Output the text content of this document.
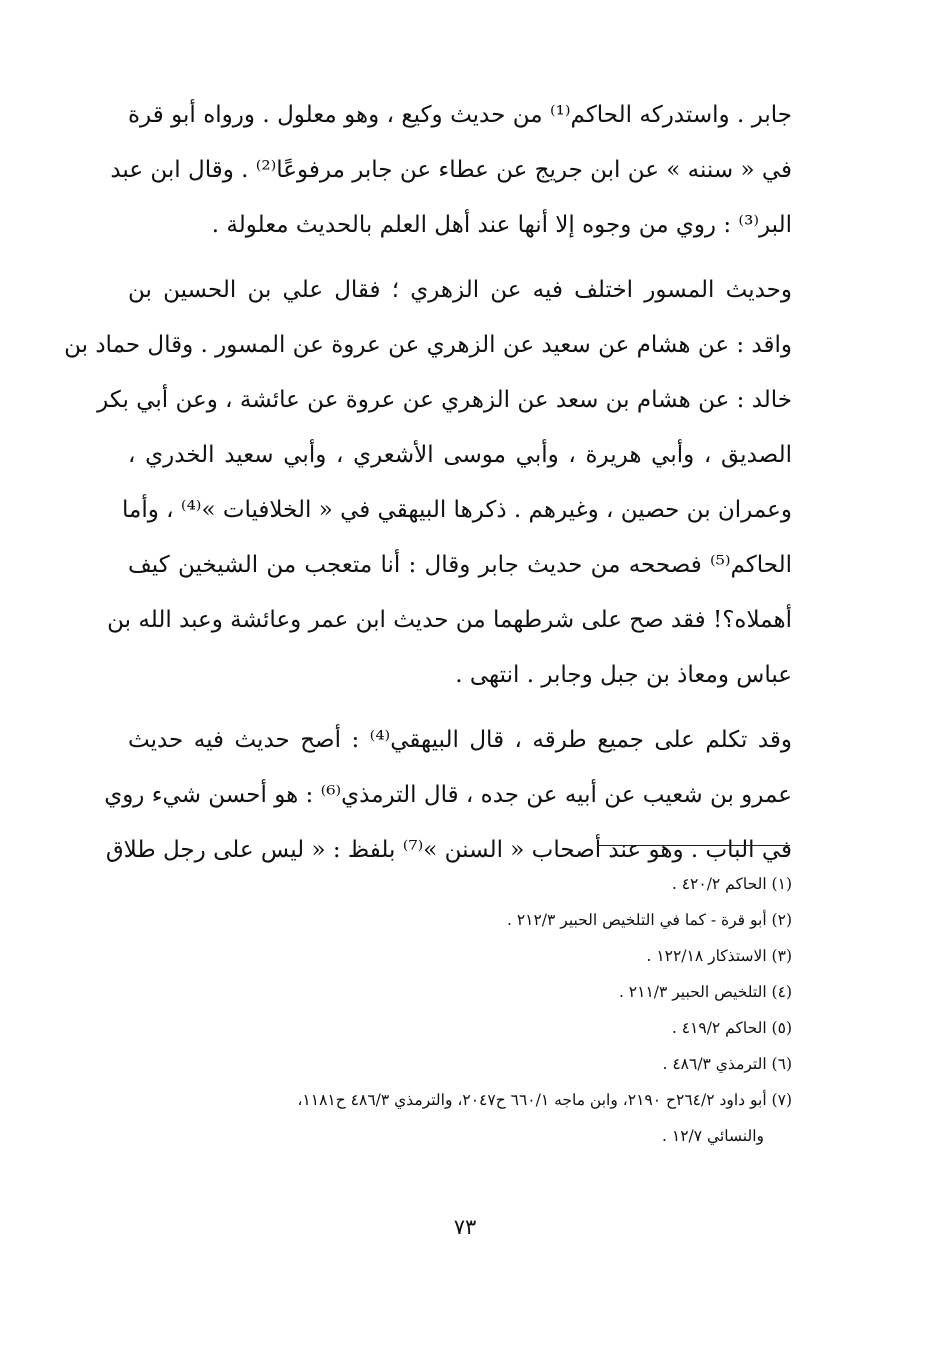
جابر . واستدركه الحاكم⁽¹⁾ من حديث وكيع ، وهو معلول . ورواه أبو قرة
في « سننه » عن ابن جريج عن عطاء عن جابر مرفوعًا⁽²⁾ . وقال ابن عبد
البر⁽³⁾ : روي من وجوه إلا أنها عند أهل العلم بالحديث معلولة .
وحديث المسور اختلف فيه عن الزهري ؛ فقال علي بن الحسين بن
واقد : عن هشام عن سعيد عن الزهري عن عروة عن المسور . وقال حماد بن
خالد : عن هشام بن سعد عن الزهري عن عروة عن عائشة ، وعن أبي بكر
الصديق ، وأبي هريرة ، وأبي موسى الأشعري ، وأبي سعيد الخدري ،
وعمران بن حصين ، وغيرهم . ذكرها البيهقي في « الخلافيات »⁽⁴⁾ ، وأما
الحاكم⁽⁵⁾ فصححه من حديث جابر وقال : أنا متعجب من الشيخين كيف
أهملاه؟! فقد صح على شرطهما من حديث ابن عمر وعائشة وعبد الله بن
عباس ومعاذ بن جبل وجابر . انتهى .
وقد تكلم على جميع طرقه ، قال البيهقي⁽⁴⁾ : أصح حديث فيه حديث
عمرو بن شعيب عن أبيه عن جده ، قال الترمذي⁽⁶⁾ : هو أحسن شيء روي
في الباب . وهو عند أصحاب « السنن »⁽⁷⁾ بلفظ : « ليس على رجل طلاق
(١) الحاكم ٤٢٠/٢ .
(٢) أبو قرة - كما في التلخيص الحبير ٢١٢/٣ .
(٣) الاستذكار ١٢٢/١٨ .
(٤) التلخيص الحبير ٢١١/٣ .
(٥) الحاكم ٤١٩/٢ .
(٦) الترمذي ٤٨٦/٣ .
(٧) أبو داود ٢٦٤/٢ح ٢١٩٠، وابن ماجه ٦٦٠/١ ح٢٠٤٧، والترمذي ٤٨٦/٣ ح١١٨١،
والنسائي ١٢/٧ .
٧٣
